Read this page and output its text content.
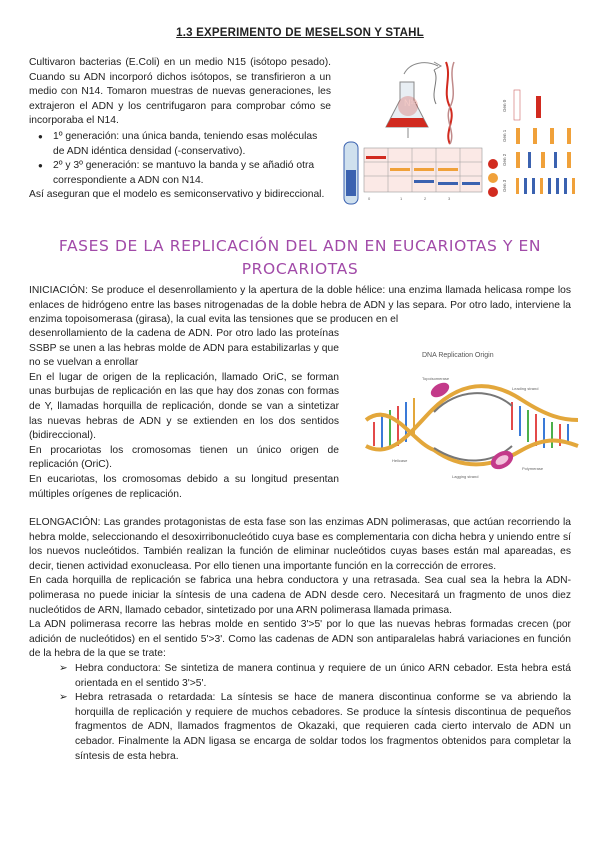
1.3 EXPERIMENTO DE MESELSON Y STAHL

Cultivaron bacterias (E.Coli) en un medio N15 (isótopo pesado). Cuando su ADN incorporó dichos isótopos, se transfirieron a un medio con N14. Tomaron muestras de nuevas generaciones, les extrajeron el ADN y los centrifugaron para comprobar cómo se incorporaba el N14.

● 1º generación: una única banda, teniendo esas moléculas de ADN idéntica densidad (-conservativo).
● 2º y 3º generación: se mantuvo la banda y se añadió otra correspondiente a ADN con N14.

Así aseguran que el modelo es semiconservativo y bidireccional.

N¹⁵	Gen 0
Gen 1
Gen 2
Gen 3
0	1	2	3
FASES DE LA REPLICACIÓN DEL ADN EN EUCARIOTAS Y EN
PROCARIOTAS

INICIACIÓN: Se produce el desenrollamiento y la apertura de la doble hélice: una enzima llamada helicasa rompe los enlaces de hidrógeno entre las bases nitrogenadas de la doble hebra de ADN y las separa. Por otro lado, interviene la enzima topoisomerasa (girasa), la cual evita las tensiones que se producen en el

desenrollamiento de la cadena de ADN. Por otro lado las proteínas SSBP se unen a las hebras molde de ADN para estabilizarlas y que no se vuelvan a enrollar

En el lugar de origen de la replicación, llamado OriC, se forman unas burbujas de replicación en las que hay dos zonas con formas de Y, llamadas horquilla de replicación, donde se van a sintetizar las nuevas hebras de ADN y se extienden en los dos sentidos (bidireccional).

En procariotas los cromosomas tienen un único origen de replicación (OriC).

En eucariotas, los cromosomas debido a su longitud presentan múltiples orígenes de replicación.

DNA Replication Origin
Helicase
Topoisomerase
Polymerase
Lagging strand
Leading strand

ELONGACIÓN: Las grandes protagonistas de esta fase son las enzimas ADN polimerasas, que actúan recorriendo la hebra molde, seleccionando el desoxirribonucleótido cuya base es complementaria con dicha hebra y uniendo entre sí los nuevos nucleótidos. También realizan la función de eliminar nucleótidos cuyas bases están mal apareadas, es decir, tienen actividad exonucleasa. Por ello tienen una importante función en la corrección de errores.

En cada horquilla de replicación se fabrica una hebra conductora y una retrasada. Sea cual sea la hebra la ADN-polimerasa no puede iniciar la síntesis de una cadena de ADN desde cero. Necesitará un fragmento de unos diez nucleótidos de ARN, llamado cebador, sintetizado por una ARN polimerasa llamada primasa.

La ADN polimerasa recorre las hebras molde en sentido 3'>5' por lo que las nuevas hebras formadas crecen (por adición de nucleótidos) en el sentido 5'>3'. Como las cadenas de ADN son antiparalelas habrá variaciones en función de la hebra de la que se trate:

➢ Hebra conductora: Se sintetiza de manera continua y requiere de un único ARN cebador. Esta hebra está orientada en el sentido 3'>5'.
➢ Hebra retrasada o retardada: La síntesis se hace de manera discontinua conforme se va abriendo la horquilla de replicación y requiere de muchos cebadores. Se produce la síntesis discontinua de pequeños fragmentos de ADN, llamados fragmentos de Okazaki, que requieren cada cierto intervalo de ADN un cebador. Finalmente la ADN ligasa se encarga de soldar todos los fragmentos obtenidos para completar la síntesis de esta hebra.
